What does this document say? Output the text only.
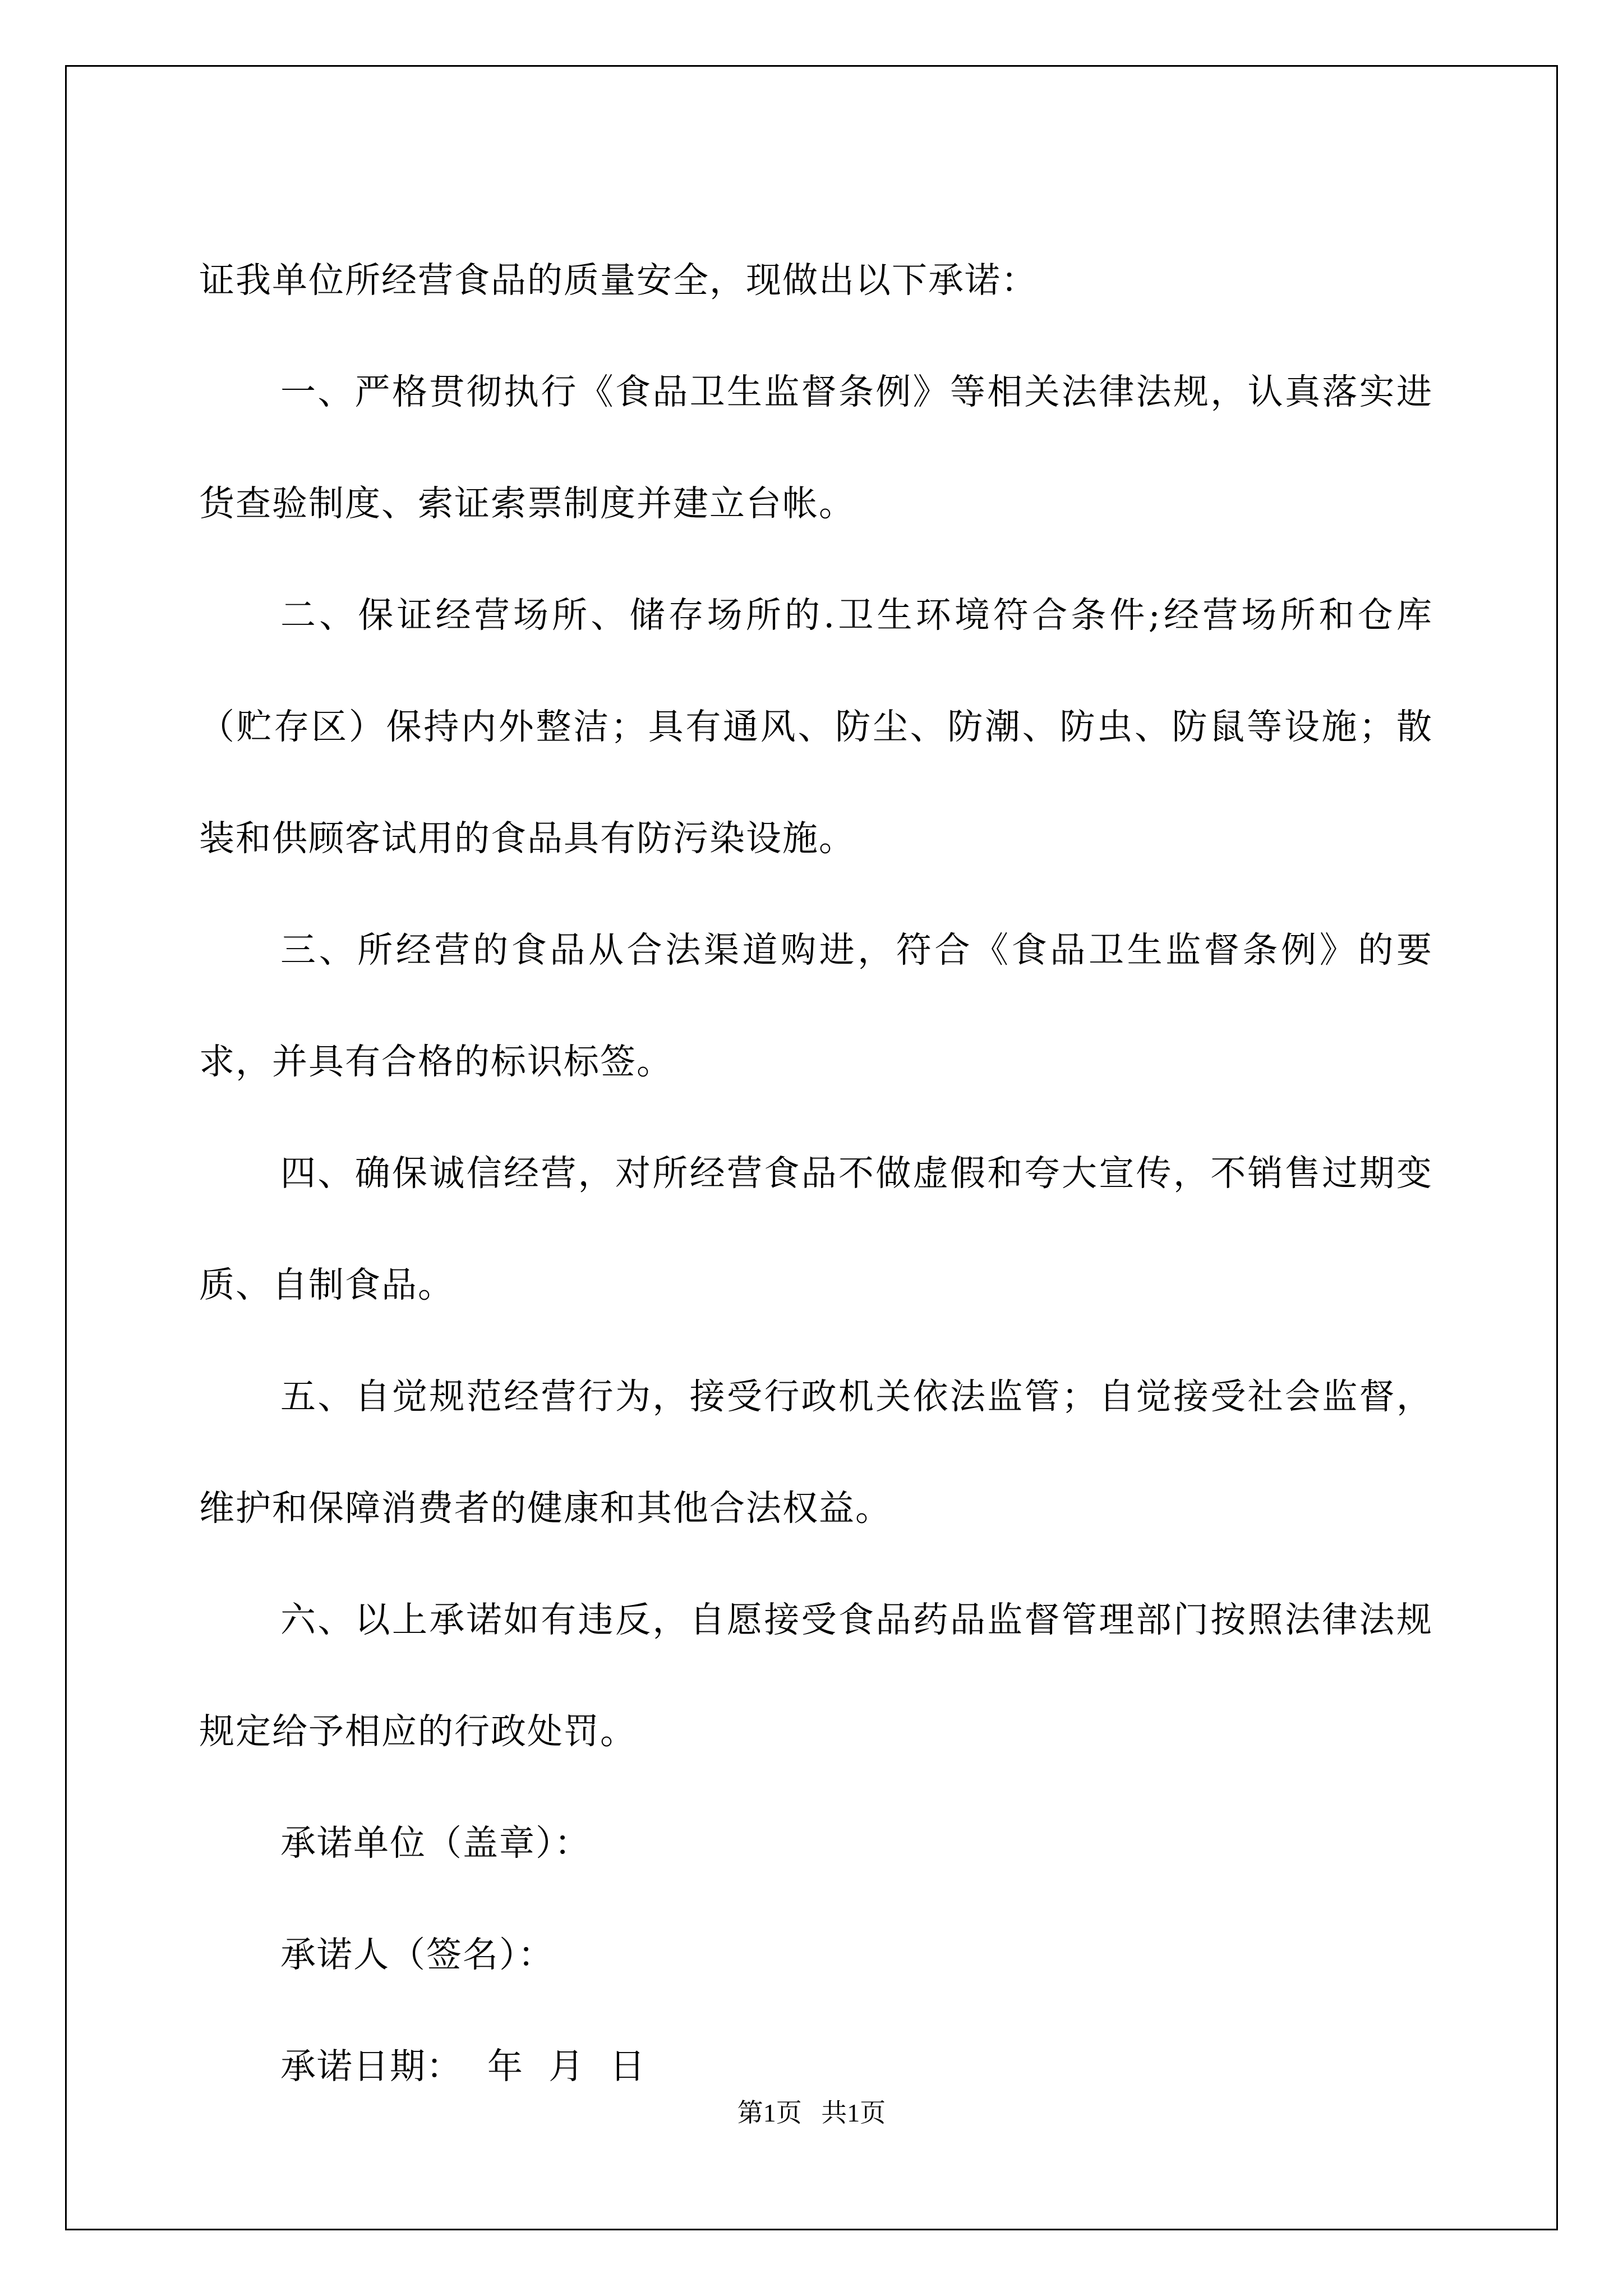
证我单位所经营食品的质量安全，现做出以下承诺：

一、严格贯彻执行《食品卫生监督条例》等相关法律法规，认真落实进货查验制度、索证索票制度并建立台帐。

二、保证经营场所、储存场所的.卫生环境符合条件;经营场所和仓库（贮存区）保持内外整洁；具有通风、防尘、防潮、防虫、防鼠等设施；散装和供顾客试用的食品具有防污染设施。

三、所经营的食品从合法渠道购进，符合《食品卫生监督条例》的要求，并具有合格的标识标签。

四、确保诚信经营，对所经营食品不做虚假和夸大宣传，不销售过期变质、自制食品。

五、自觉规范经营行为，接受行政机关依法监管；自觉接受社会监督，维护和保障消费者的健康和其他合法权益。

六、以上承诺如有违反，自愿接受食品药品监督管理部门按照法律法规规定给予相应的行政处罚。

承诺单位（盖章）：

承诺人（签名）：

承诺日期：  年  月  日

第1页   共1页
